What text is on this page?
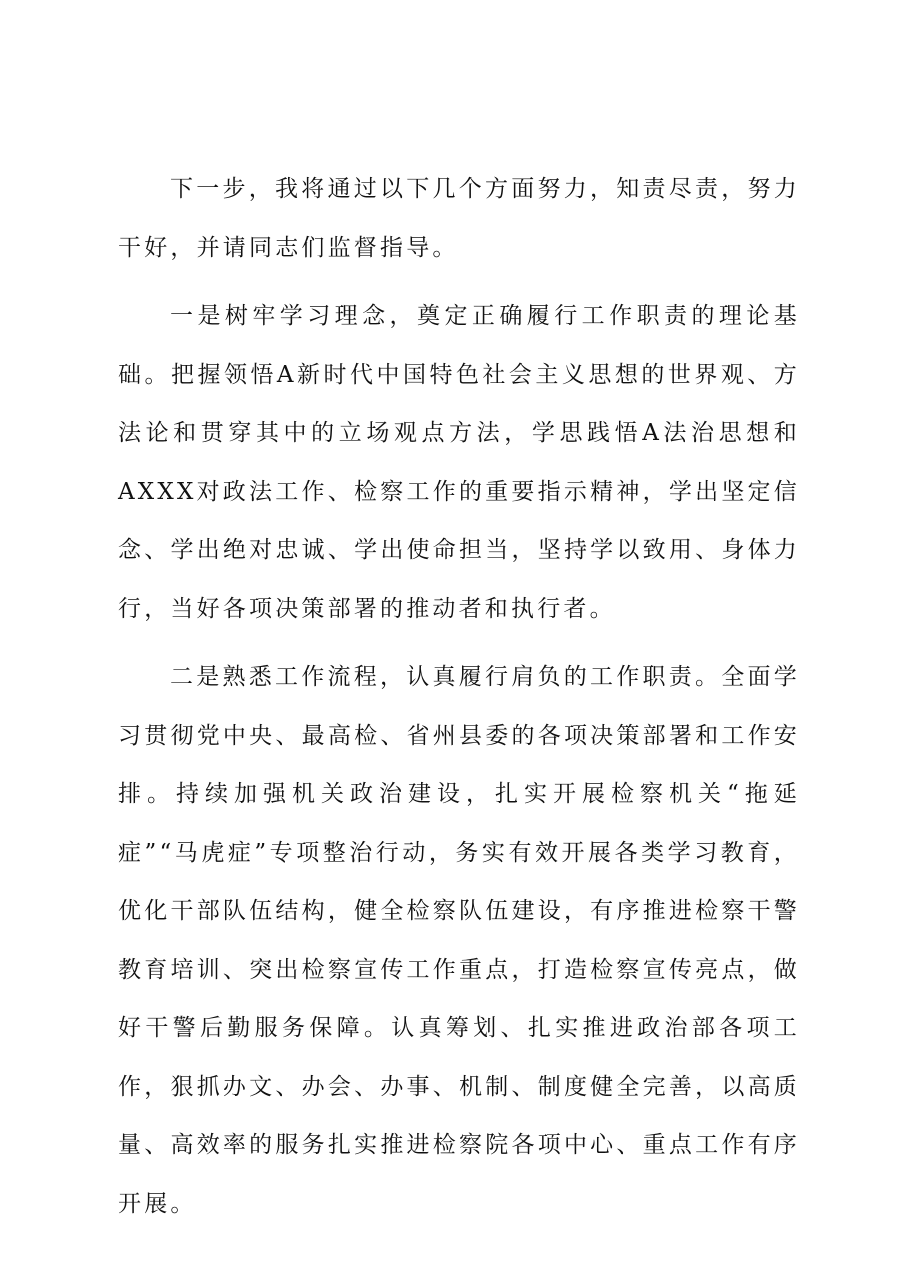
下一步，我将通过以下几个方面努力，知责尽责，努力干好，并请同志们监督指导。

一是树牢学习理念，奠定正确履行工作职责的理论基础。把握领悟A新时代中国特色社会主义思想的世界观、方法论和贯穿其中的立场观点方法，学思践悟A法治思想和AXXX对政法工作、检察工作的重要指示精神，学出坚定信念、学出绝对忠诚、学出使命担当，坚持学以致用、身体力行，当好各项决策部署的推动者和执行者。

二是熟悉工作流程，认真履行肩负的工作职责。全面学习贯彻党中央、最高检、省州县委的各项决策部署和工作安排。持续加强机关政治建设，扎实开展检察机关“拖延症”“马虎症”专项整治行动，务实有效开展各类学习教育，优化干部队伍结构，健全检察队伍建设，有序推进检察干警教育培训、突出检察宣传工作重点，打造检察宣传亮点，做好干警后勤服务保障。认真筹划、扎实推进政治部各项工作，狠抓办文、办会、办事、机制、制度健全完善，以高质量、高效率的服务扎实推进检察院各项中心、重点工作有序开展。
